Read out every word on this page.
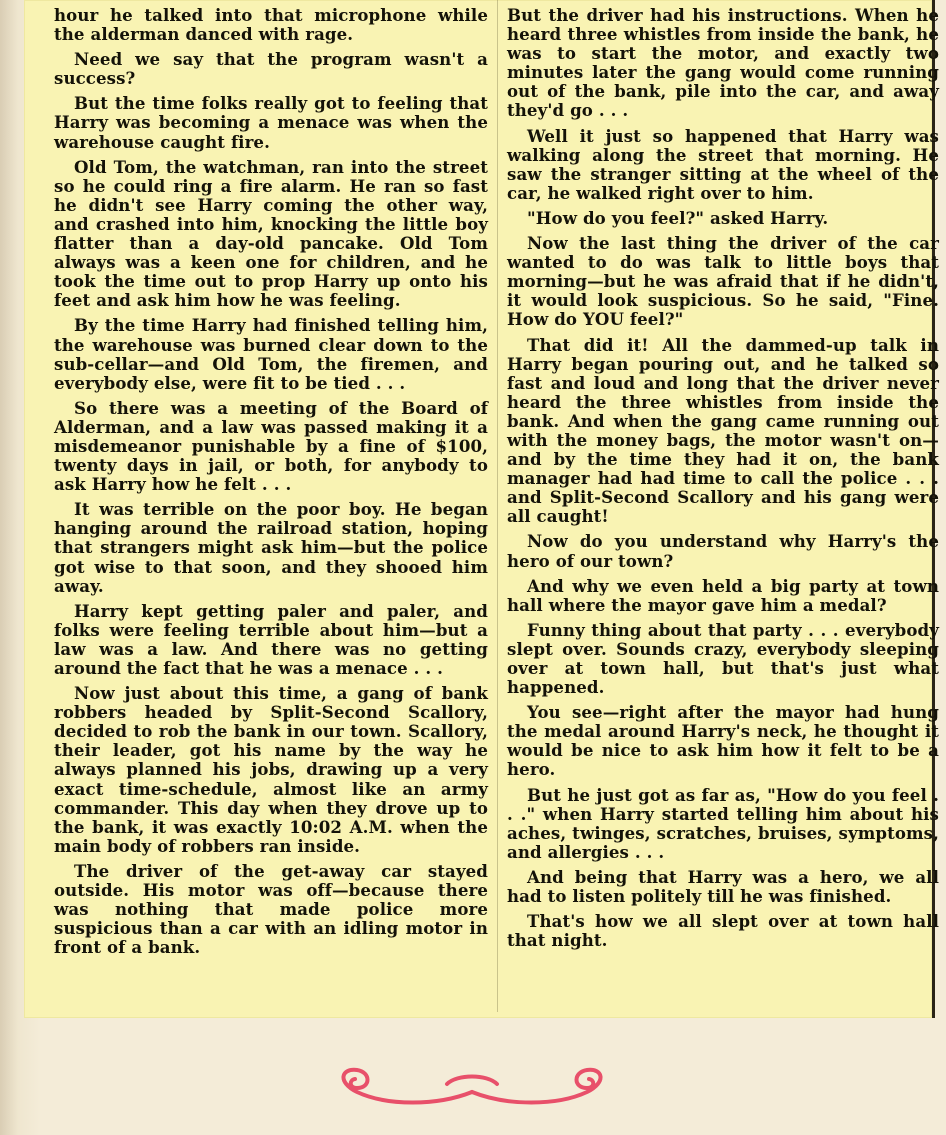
hour he talked into that microphone while the alderman danced with rage.

Need we say that the program wasn't a success?

But the time folks really got to feeling that Harry was becoming a menace was when the warehouse caught fire.

Old Tom, the watchman, ran into the street so he could ring a fire alarm. He ran so fast he didn't see Harry coming the other way, and crashed into him, knocking the little boy flatter than a day-old pancake. Old Tom always was a keen one for children, and he took the time out to prop Harry up onto his feet and ask him how he was feeling.

By the time Harry had finished telling him, the warehouse was burned clear down to the sub-cellar—and Old Tom, the firemen, and everybody else, were fit to be tied . . .

So there was a meeting of the Board of Alderman, and a law was passed making it a misdemeanor punishable by a fine of $100, twenty days in jail, or both, for anybody to ask Harry how he felt . . .

It was terrible on the poor boy. He began hanging around the railroad station, hoping that strangers might ask him—but the police got wise to that soon, and they shooed him away.

Harry kept getting paler and paler, and folks were feeling terrible about him—but a law was a law. And there was no getting around the fact that he was a menace . . .

Now just about this time, a gang of bank robbers headed by Split-Second Scallory, decided to rob the bank in our town. Scallory, their leader, got his name by the way he always planned his jobs, drawing up a very exact time-schedule, almost like an army commander. This day when they drove up to the bank, it was exactly 10:02 A.M. when the main body of robbers ran inside.

The driver of the get-away car stayed outside. His motor was off—because there was nothing that made police more suspicious than a car with an idling motor in front of a bank.

But the driver had his instructions. When he heard three whistles from inside the bank, he was to start the motor, and exactly two minutes later the gang would come running out of the bank, pile into the car, and away they'd go . . .

Well it just so happened that Harry was walking along the street that morning. He saw the stranger sitting at the wheel of the car, he walked right over to him.

"How do you feel?" asked Harry.

Now the last thing the driver of the car wanted to do was talk to little boys that morning—but he was afraid that if he didn't, it would look suspicious. So he said, "Fine. How do YOU feel?"

That did it! All the dammed-up talk in Harry began pouring out, and he talked so fast and loud and long that the driver never heard the three whistles from inside the bank. And when the gang came running out with the money bags, the motor wasn't on—and by the time they had it on, the bank manager had had time to call the police . . . and Split-Second Scallory and his gang were all caught!

Now do you understand why Harry's the hero of our town?

And why we even held a big party at town hall where the mayor gave him a medal?

Funny thing about that party . . . everybody slept over. Sounds crazy, everybody sleeping over at town hall, but that's just what happened.

You see—right after the mayor had hung the medal around Harry's neck, he thought it would be nice to ask him how it felt to be a hero.

But he just got as far as, "How do you feel . . ." when Harry started telling him about his aches, twinges, scratches, bruises, symptoms, and allergies . . .

And being that Harry was a hero, we all had to listen politely till he was finished.

That's how we all slept over at town hall that night.
